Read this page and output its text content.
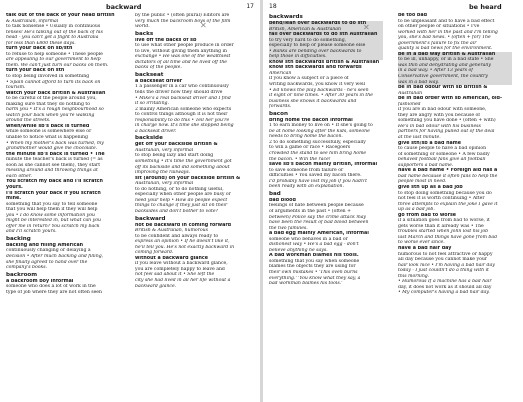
backward	17
talk out of the back of your head British
& Australian, informal
to talk nonsense • Usually in continuous
tenses! He's talking out of the back of his
head - you can't get a flight to Australia
for less than £800 these days.
turn your back on sb/sth
to refuse to help someone • These people
are appealing to our government to help
them. We can't just turn our backs on them.
turn your back on sth
to stop being involved in something
• Spain cannot afford to turn its back on
tourism.
watch your back British & Australian
to be careful of the people around you,
making sure that they do nothing to
harm you • It's a rough neighbourhood so
watch your back when you're walking
around the streets.
when/while sb's back is turned
while someone is somewhere else or
unable to notice what is happening
• When my mother's back was turned, my
grandmother would give me chocolate.
the minute sb's back is turned • The
minute the teacher's back is turned (= as
soon as she cannot see them), they start
messing around and throwing things at
each other.
You scratch my back and I'll scratch
yours.
I'll scratch your back if you scratch
mine.
something that you say to tell someone
that you will help them if they will help
you • I do know some information you
might be interested in, but what can you
offer me in return? You scratch my back
and I'll scratch yours.
backing
backing and filling American
continuously changing or delaying a
decision • After much backing and filling,
she finally agreed to hand over the
company's books.
backroom
a backroom boy informal
someone who does a lot of work in the
type of job where they are not often seen
by the public • (often plural) Editors are
very much the backroom boys of the film
world.
backs
live off the backs of sb
to use what other people produce in order
to live, without giving them anything in
exchange • He was one of the wealthiest
dictators of all time and he lived off the
backs of the people.
backseat
a backseat driver
1 a passenger in a car who continuously
tells the driver how they should drive
• Mike's a real backseat driver and I find
it so irritating.
2 mainly American someone who expects
to control things although it is not their
responsibility to do this • Tell her you're
in charge now. It's time she stopped being
a backseat driver.
backside
get off your backside British &
Australian, very informal
to stop being lazy and start doing
something • It's time the government got
off its backside and did something about
improving the railways.
sit (around) on your backside British &
Australian, very informal
to do nothing, or to do nothing useful,
especially when other people are busy or
need your help • How do people expect
things to change if they just sit on their
backsides and don't bother to vote?
backward
not be backward in coming forward
British & Australian, humorous
to be confident and always ready to
express an opinion • If he doesn't like it,
he'll tell you. He's not exactly backward in
coming forward.
without a backward glance
if you leave without a backward glance,
you are completely happy to leave and
not feel sad about it • She left the
city she had lived in all her life without a
backward glance.
✕
18	be heard
backwards
bend/lean over backwards to do sth
British, American & Australian
fall over backwards to do sth Australian
to try very hard to do something,
especially to help or please someone else
• Banks are bending over backwards to
help those in difficulties.
know sth backwards British & Australian
know sth backwards and forwards
American
if you know a subject or a piece of
writing backwards, you know it very well
• Ed knows the play backwards - he's seen
it eight or nine times. • After 30 years in the
business she knows it backwards and
forwards.
bacon
bring home the bacon informal
1 to earn money to live on • If she's going to
be at home looking after the kids, someone
needs to bring home the bacon.
2 to do something successfully, especially
to win a game or race • Racegoers
crowded the stand to see him bring home
the bacon. • Win the race!
save sb's bacon mainly British, informal
to save someone from failure or
difficulties • You saved my bacon there.
I'd probably have lost my job if you hadn't
been ready with an explanation.
bad
bad blood
feelings of hate between people because
of arguments in the past • (often +
between) Police say the crime attack may
have been the result of bad blood between
the two families.
a bad egg mainly American, informal
someone who behaves in a bad or
dishonest way • He's a bad egg - don't
believe anything he says.
A bad workman blames his tools.
something that you say when someone
blames the objects they are using for
their own mistakes • 'This oven burns
everything.' 'You know what they say, a
bad workman blames his tools.'
be too bad
to be unpleasant and to have a bad effect
on other people or situations • I've
worked with her in the past and I'm telling
you, she's bad news. • (often + for) The
government's failure to fix the air
quality is bad news for the environment.
be in a bad way British & Australian
to be ill, unhappy, or in a bad state • She
was thin and dehydrating and generally
in a bad way. • After 13 years of
Conservative government, the country
was in a bad way.
be in bad odour with sb British &
Australian
be in bad order with sb American, old-
fashioned
if you are in bad odour with someone,
they are angry with you because of
something you have done • (often + with)
He's in bad odour with his business
partners for having pulled out of the deal
at the last minute.
give sth/sb a bad name
to cause people to have a bad opinion
of something or someone • A few badly
behaved football fans give all football
supporters a bad name.
have a bad name • Foreign aid has a
bad name because it often fails to help the
people most in need.
give sth up as a bad job
to stop doing something because you do
not feel it is worth continuing • After
three attempts to explain the joke I gave it
up as a bad job.
go from bad to worse
if a situation goes from bad to worse, it
gets worse than it already was • The
troubles started when John lost his job
last March and things have gone from bad
to worse ever since.
have a bad hair day
humorous to not feel attractive or happy
all day because you cannot make your
hair look nice • I'm having a bad hair day
today - I just couldn't do a thing with it
this morning.
• Humorous If a machine has a bad hair
day, it does not work as it should all day
• My computer's having a bad hair day.
✕
